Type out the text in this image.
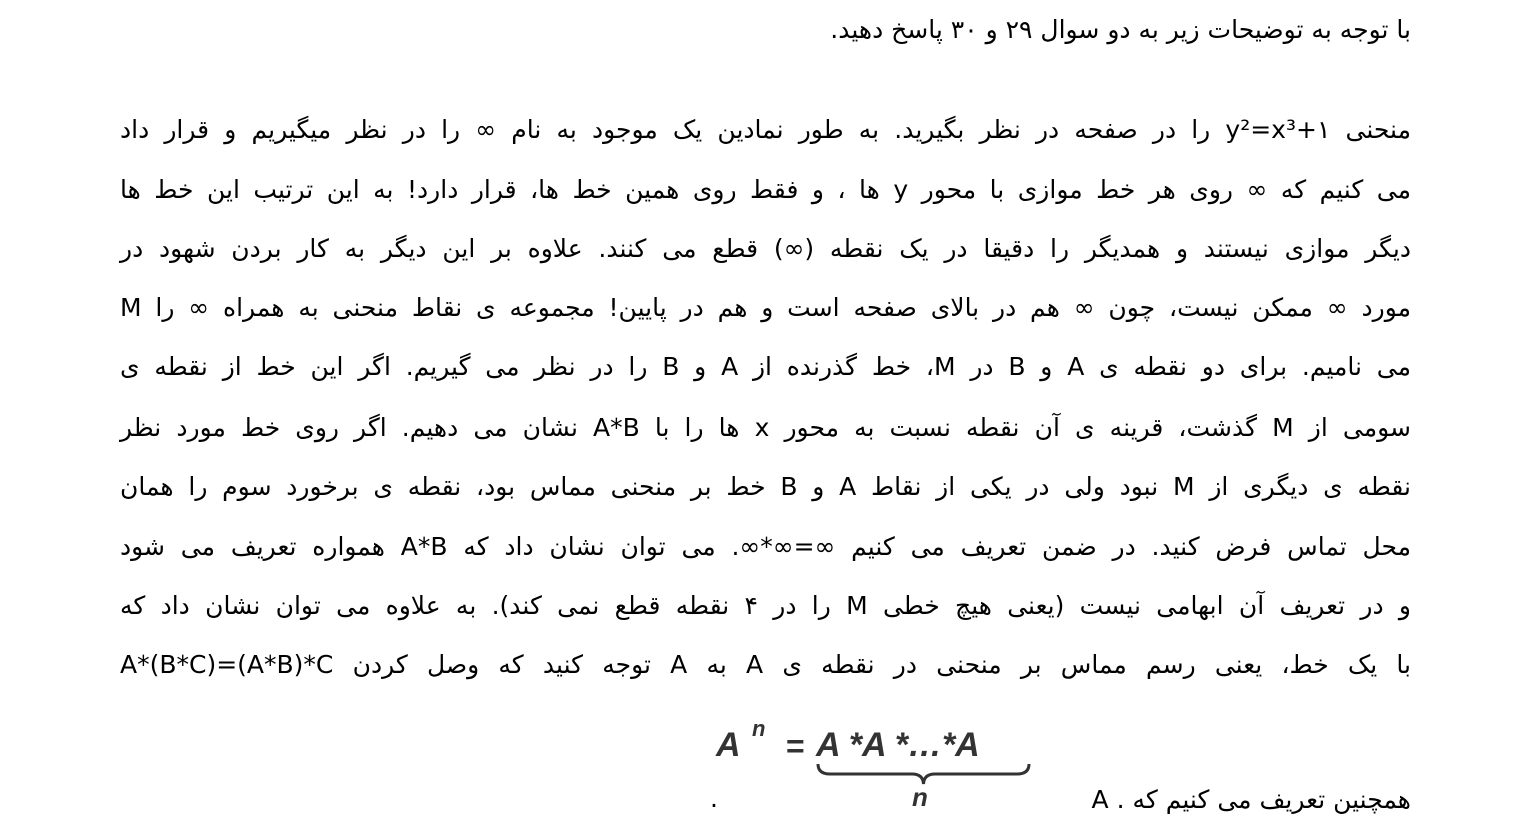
با توجه به توضیحات زیر به دو سوال ۲۹ و ۳۰ پاسخ دهید.
منحنی y²=x³+۱ را در صفحه در نظر بگیرید. به طور نمادین یک موجود به نام ∞ را در نظر میگیریم و قرار داد
می کنیم که ∞ روی هر خط موازی با محور y ها ، و فقط روی همین خط ها، قرار دارد! به این ترتیب این خط ها
دیگر موازی نیستند و همدیگر را دقیقا در یک نقطه (∞) قطع می کنند. علاوه بر این دیگر به کار بردن شهود در
مورد ∞ ممکن نیست، چون ∞ هم در بالای صفحه است و هم در پایین! مجموعه ی نقاط منحنی به همراه ∞ را M
می نامیم. برای دو نقطه ی A و B در M، خط گذرنده از A و B را در نظر می گیریم. اگر این خط از نقطه ی
سومی از M گذشت، قرینه ی آن نقطه نسبت به محور x ها را با A*B نشان می دهیم. اگر روی خط مورد نظر
نقطه ی دیگری از M نبود ولی در یکی از نقاط A و B خط بر منحنی مماس بود، نقطه ی برخورد سوم را همان
محل تماس فرض کنید. در ضمن تعریف می کنیم ∞=∞*∞. می توان نشان داد که A*B همواره تعریف می شود
و در تعریف آن ابهامی نیست (یعنی هیچ خطی M را در ۴ نقطه قطع نمی کند). به علاوه می توان نشان داد که
A*(B*C)=(A*B)*C توجه کنید که وصل کردن A به A با یک خط، یعنی رسم مماس بر منحنی در نقطه ی
A n = A *A *…*A
n	A . همچنین تعریف می کنیم که
.
